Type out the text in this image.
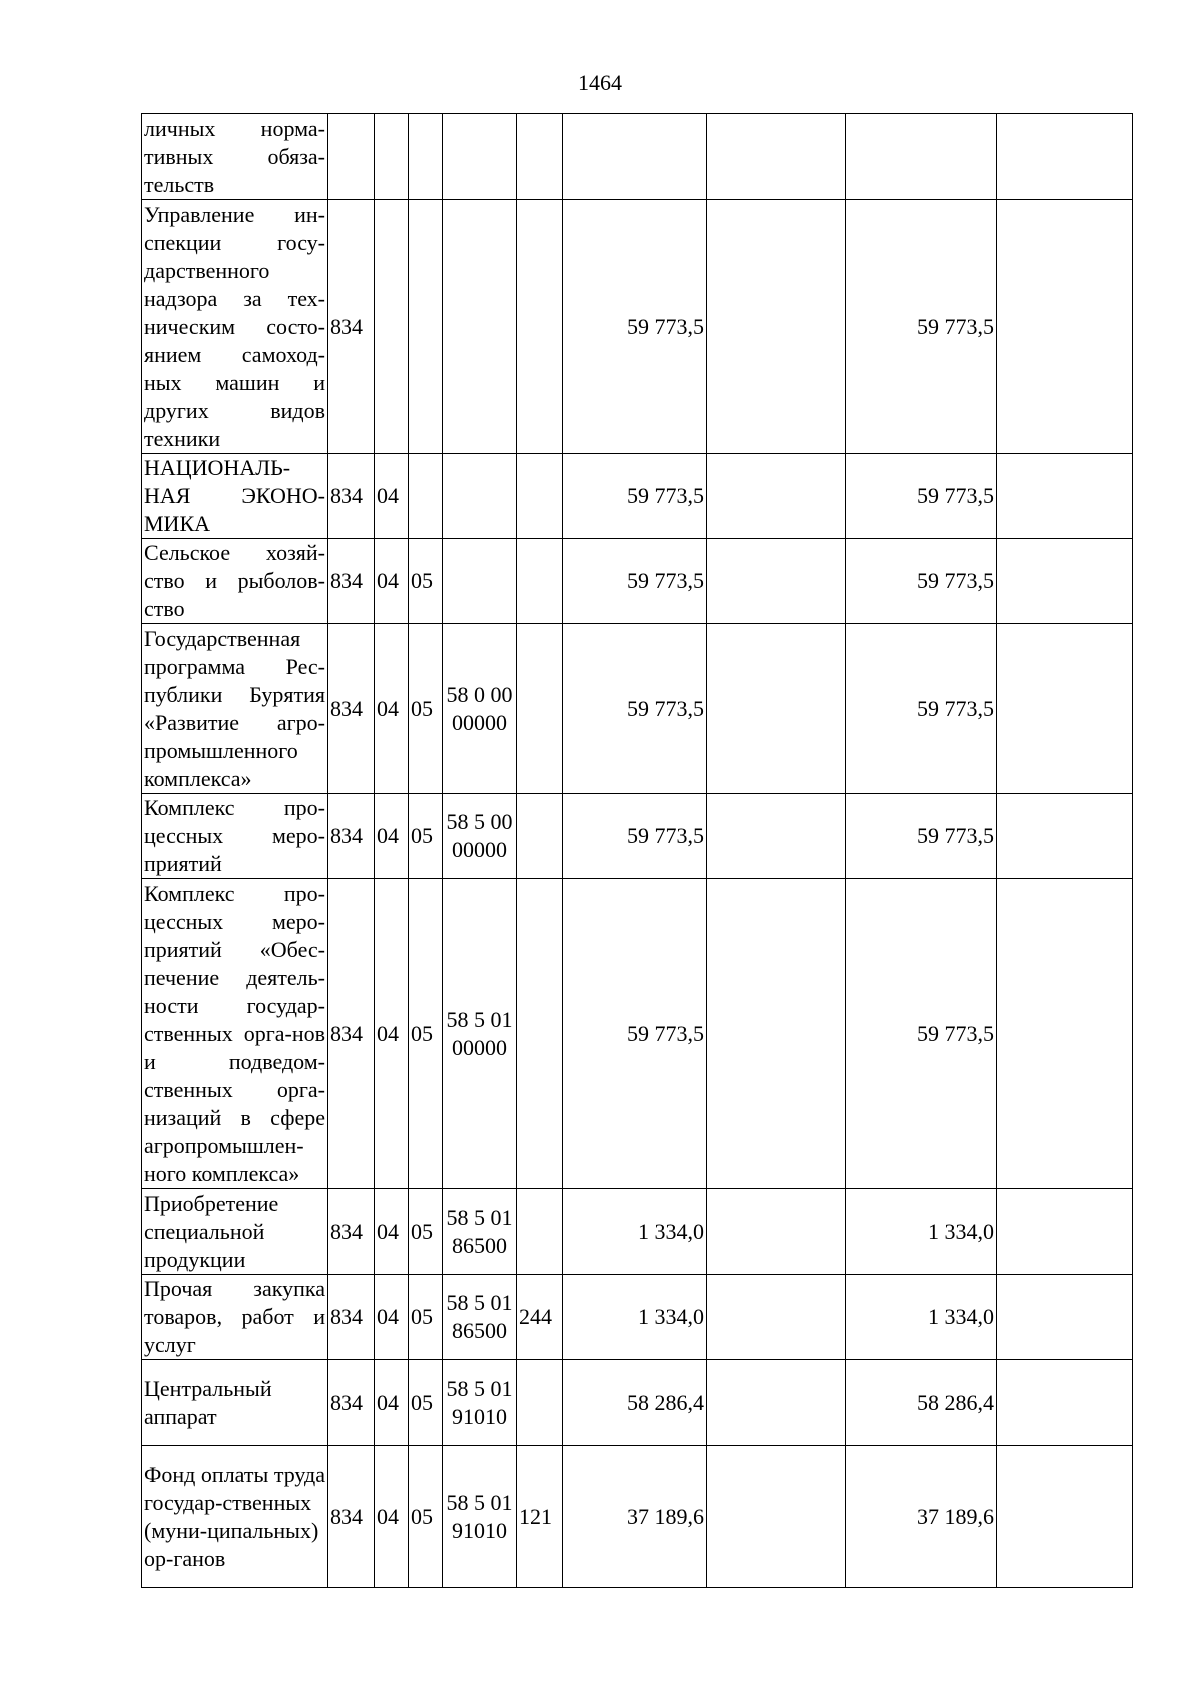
1464
личных норма-тивных обяза-тельств									
Управление ин-спекции госу-дарственного надзора за тех-ническим состо-янием самоход-ных машин и других видов техники	834					59 773,5		59 773,5	
НАЦИОНАЛЬ-НАЯ ЭКОНО-МИКА	834	04				59 773,5		59 773,5	
Сельское хозяй-ство и рыболов-ство	834	04	05			59 773,5		59 773,5	
Государственная программа Рес-публики Бурятия «Развитие агро-промышленного комплекса»	834	04	05	58 0 00 00000		59 773,5		59 773,5	
Комплекс про-цессных меро-приятий	834	04	05	58 5 00 00000		59 773,5		59 773,5	
Комплекс про-цессных меро-приятий «Обес-печение деятель-ности государ-ственных орга-нов и подведом-ственных орга-низаций в сфере агропромышлен-ного комплекса»	834	04	05	58 5 01 00000		59 773,5		59 773,5	
Приобретение специальной продукции	834	04	05	58 5 01 86500		1 334,0		1 334,0	
Прочая закупка товаров, работ и услуг	834	04	05	58 5 01 86500	244	1 334,0		1 334,0	
Центральный аппарат	834	04	05	58 5 01 91010		58 286,4		58 286,4	
Фонд оплаты труда государ-ственных (муни-ципальных) ор-ганов	834	04	05	58 5 01 91010	121	37 189,6		37 189,6	
